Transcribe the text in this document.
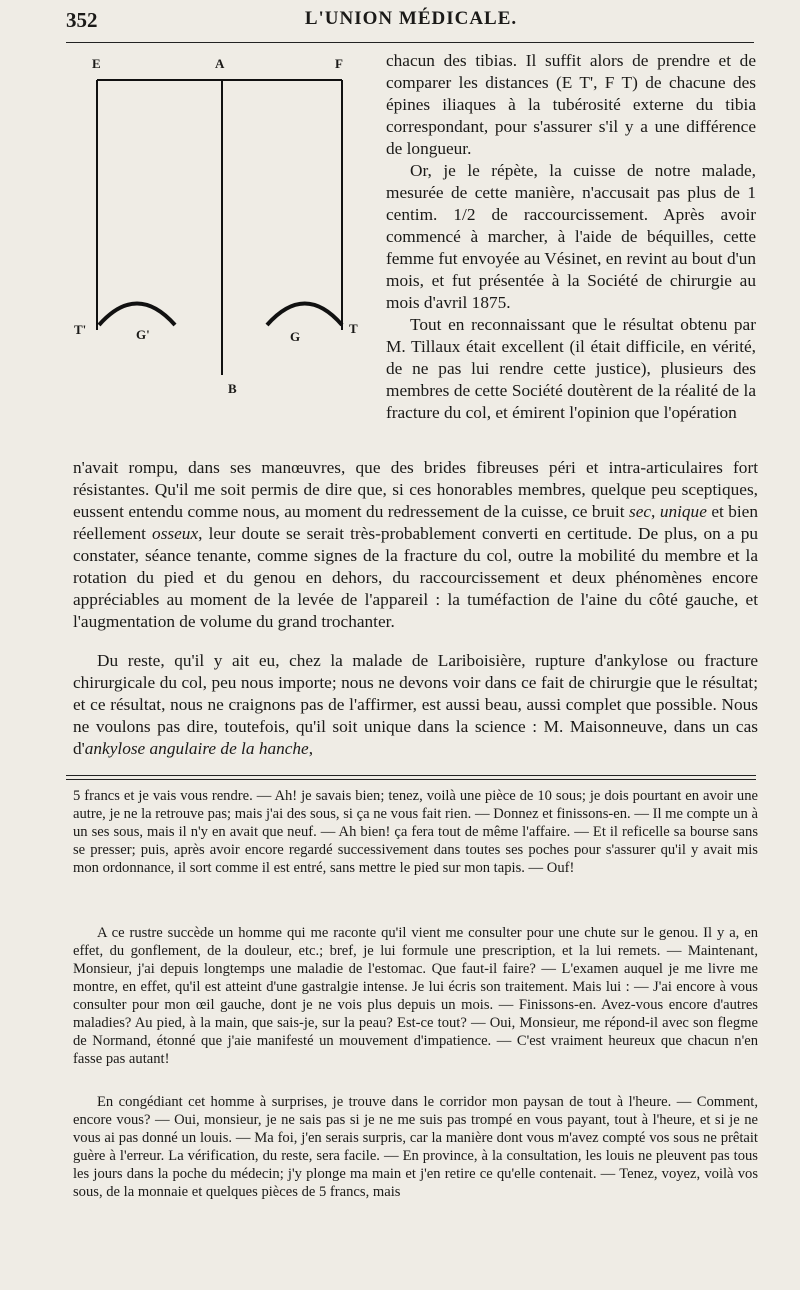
352	L'UNION MÉDICALE.
E	A	F
T'	G'	G
T
B

chacun des tibias. Il suffit alors de prendre et de comparer les distances (E T', F T) de chacune des épines iliaques à la tubérosité externe du tibia correspondant, pour s'assurer s'il y a une différence de longueur.

Or, je le répète, la cuisse de notre malade, mesurée de cette manière, n'accusait pas plus de 1 centim. 1/2 de raccourcissement. Après avoir commencé à marcher, à l'aide de béquilles, cette femme fut envoyée au Vésinet, en revint au bout d'un mois, et fut présentée à la Société de chirurgie au mois d'avril 1875.

Tout en reconnaissant que le résultat obtenu par M. Tillaux était excellent (il était difficile, en vérité, de ne pas lui rendre cette justice), plusieurs des membres de cette Société doutèrent de la réalité de la fracture du col, et émirent l'opinion que l'opération

n'avait rompu, dans ses manœuvres, que des brides fibreuses péri et intra-articulaires fort résistantes. Qu'il me soit permis de dire que, si ces honorables membres, quelque peu sceptiques, eussent entendu comme nous, au moment du redressement de la cuisse, ce bruit sec, unique et bien réellement osseux, leur doute se serait très-probablement converti en certitude. De plus, on a pu constater, séance tenante, comme signes de la fracture du col, outre la mobilité du membre et la rotation du pied et du genou en dehors, du raccourcissement et deux phénomènes encore appréciables au moment de la levée de l'appareil : la tuméfaction de l'aine du côté gauche, et l'augmentation de volume du grand trochanter.

Du reste, qu'il y ait eu, chez la malade de Lariboisière, rupture d'ankylose ou fracture chirurgicale du col, peu nous importe; nous ne devons voir dans ce fait de chirurgie que le résultat; et ce résultat, nous ne craignons pas de l'affirmer, est aussi beau, aussi complet que possible. Nous ne voulons pas dire, toutefois, qu'il soit unique dans la science : M. Maisonneuve, dans un cas d'ankylose angulaire de la hanche,

5 francs et je vais vous rendre. — Ah! je savais bien; tenez, voilà une pièce de 10 sous; je dois pourtant en avoir une autre, je ne la retrouve pas; mais j'ai des sous, si ça ne vous fait rien. — Donnez et finissons-en. — Il me compte un à un ses sous, mais il n'y en avait que neuf. — Ah bien! ça fera tout de même l'affaire. — Et il reficelle sa bourse sans se presser; puis, après avoir encore regardé successivement dans toutes ses poches pour s'assurer qu'il y avait mis mon ordonnance, il sort comme il est entré, sans mettre le pied sur mon tapis. — Ouf!

A ce rustre succède un homme qui me raconte qu'il vient me consulter pour une chute sur le genou. Il y a, en effet, du gonflement, de la douleur, etc.; bref, je lui formule une prescription, et la lui remets. — Maintenant, Monsieur, j'ai depuis longtemps une maladie de l'estomac. Que faut-il faire? — L'examen auquel je me livre me montre, en effet, qu'il est atteint d'une gastralgie intense. Je lui écris son traitement. Mais lui : — J'ai encore à vous consulter pour mon œil gauche, dont je ne vois plus depuis un mois. — Finissons-en. Avez-vous encore d'autres maladies? Au pied, à la main, que sais-je, sur la peau? Est-ce tout? — Oui, Monsieur, me répond-il avec son flegme de Normand, étonné que j'aie manifesté un mouvement d'impatience. — C'est vraiment heureux que chacun n'en fasse pas autant!

En congédiant cet homme à surprises, je trouve dans le corridor mon paysan de tout à l'heure. — Comment, encore vous? — Oui, monsieur, je ne sais pas si je ne me suis pas trompé en vous payant, tout à l'heure, et si je ne vous ai pas donné un louis. — Ma foi, j'en serais surpris, car la manière dont vous m'avez compté vos sous ne prêtait guère à l'erreur. La vérification, du reste, sera facile. — En province, à la consultation, les louis ne pleuvent pas tous les jours dans la poche du médecin; j'y plonge ma main et j'en retire ce qu'elle contenait. — Tenez, voyez, voilà vos sous, de la monnaie et quelques pièces de 5 francs, mais
